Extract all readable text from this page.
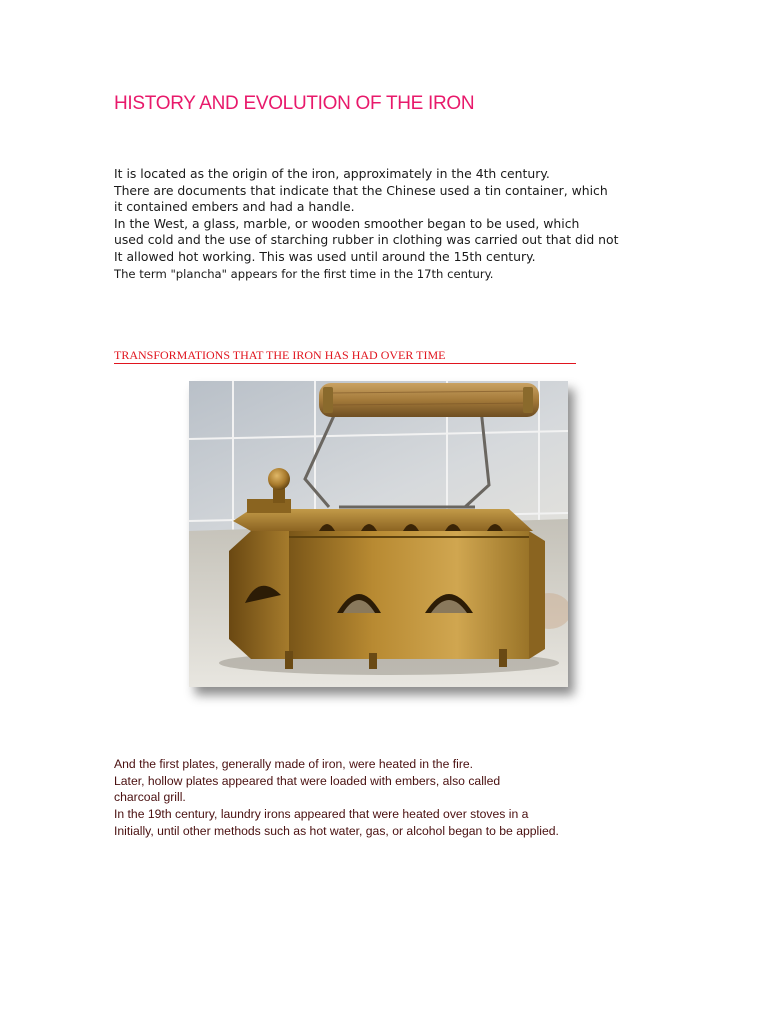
HISTORY AND EVOLUTION OF THE IRON
It is located as the origin of the iron, approximately in the 4th century.
There are documents that indicate that the Chinese used a tin container, which
it contained embers and had a handle.
In the West, a glass, marble, or wooden smoother began to be used, which
used cold and the use of starching rubber in clothing was carried out that did not
It allowed hot working. This was used until around the 15th century.
The term "plancha" appears for the first time in the 17th century.
TRANSFORMATIONS THAT THE IRON HAS HAD OVER TIME
And the first plates, generally made of iron, were heated in the fire.
Later, hollow plates appeared that were loaded with embers, also called
charcoal grill.
In the 19th century, laundry irons appeared that were heated over stoves in a
Initially, until other methods such as hot water, gas, or alcohol began to be applied.
